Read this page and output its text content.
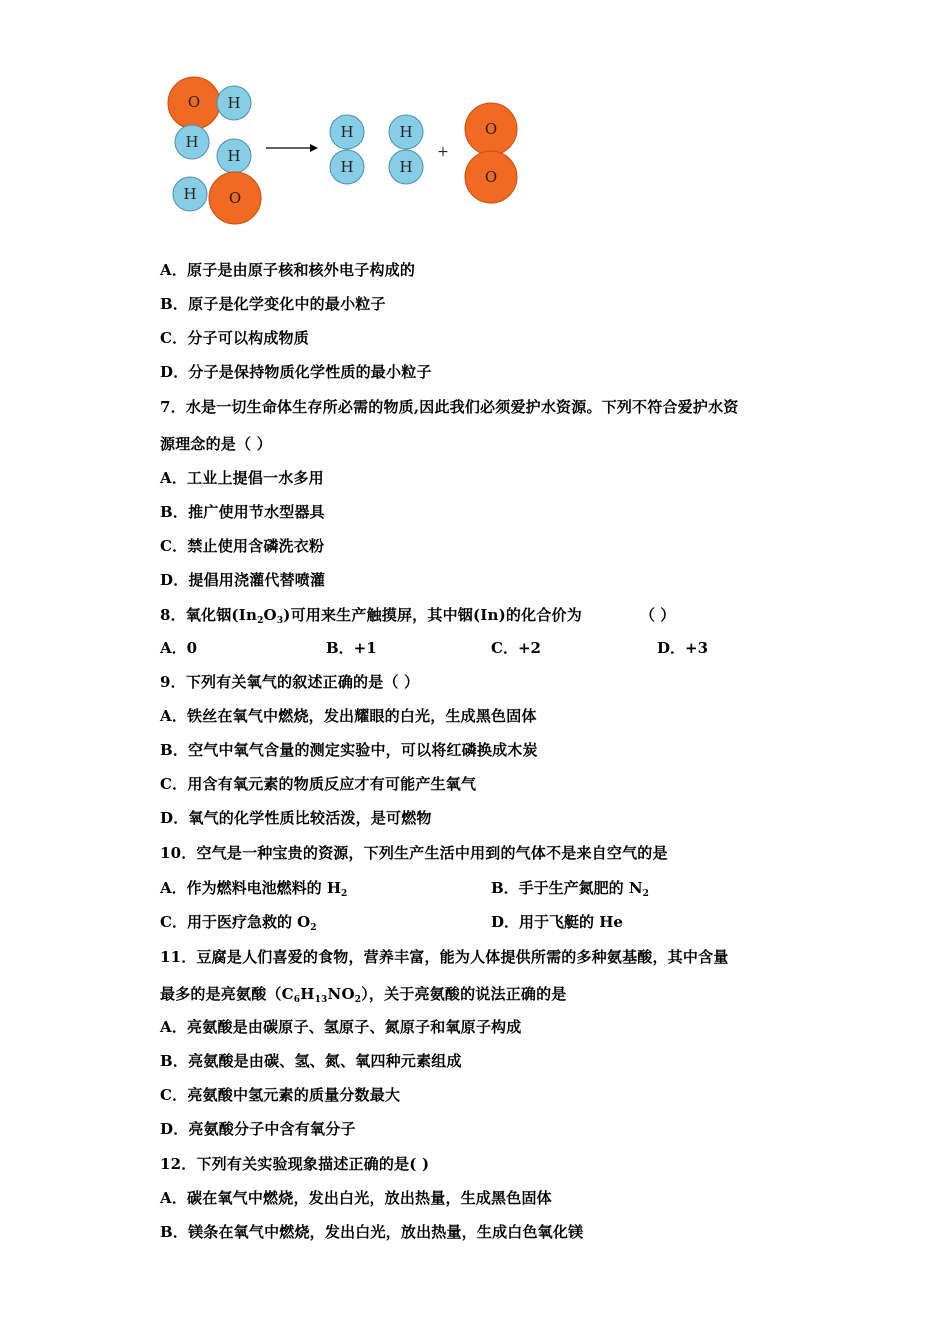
O H
H
H
O
H
H
H
H
H
+
O
O
A．原子是由原子核和核外电子构成的
B．原子是化学变化中的最小粒子
C．分子可以构成物质
D．分子是保持物质化学性质的最小粒子
7．水是一切生命体生存所必需的物质,因此我们必须爱护水资源。下列不符合爱护水资
源理念的是（ ）
A．工业上提倡一水多用
B．推广使用节水型器具
C．禁止使用含磷洗衣粉
D．提倡用浇灌代替喷灌
8．氧化铟$(In_2O_3)$可用来生产触摸屏，其中铟(In)的化合价为	（ ）
A．0	B．+1	C．+2	D．+3
9．下列有关氧气的叙述正确的是（ ）
A．铁丝在氧气中燃烧，发出耀眼的白光，生成黑色固体
B．空气中氧气含量的测定实验中，可以将红磷换成木炭
C．用含有氧元素的物质反应才有可能产生氧气
D．氧气的化学性质比较活泼，是可燃物
10．空气是一种宝贵的资源，下列生产生活中用到的气体不是来自空气的是
A．作为燃料电池燃料的 $H_2$	B．手于生产氮肥的 $N_2$
C．用于医疗急救的 $O_2$	D．用于飞艇的 He
11．豆腐是人们喜爱的食物，营养丰富，能为人体提供所需的多种氨基酸，其中含量
最多的是亮氨酸$(C_6H_{13}NO_2)$，关于亮氨酸的说法正确的是
A．亮氨酸是由碳原子、氢原子、氮原子和氧原子构成
B．亮氨酸是由碳、氢、氮、氧四种元素组成
C．亮氨酸中氢元素的质量分数最大
D．亮氨酸分子中含有氧分子
12．下列有关实验现象描述正确的是( )
A．碳在氧气中燃烧，发出白光，放出热量，生成黑色固体
B．镁条在氧气中燃烧，发出白光，放出热量，生成白色氧化镁
